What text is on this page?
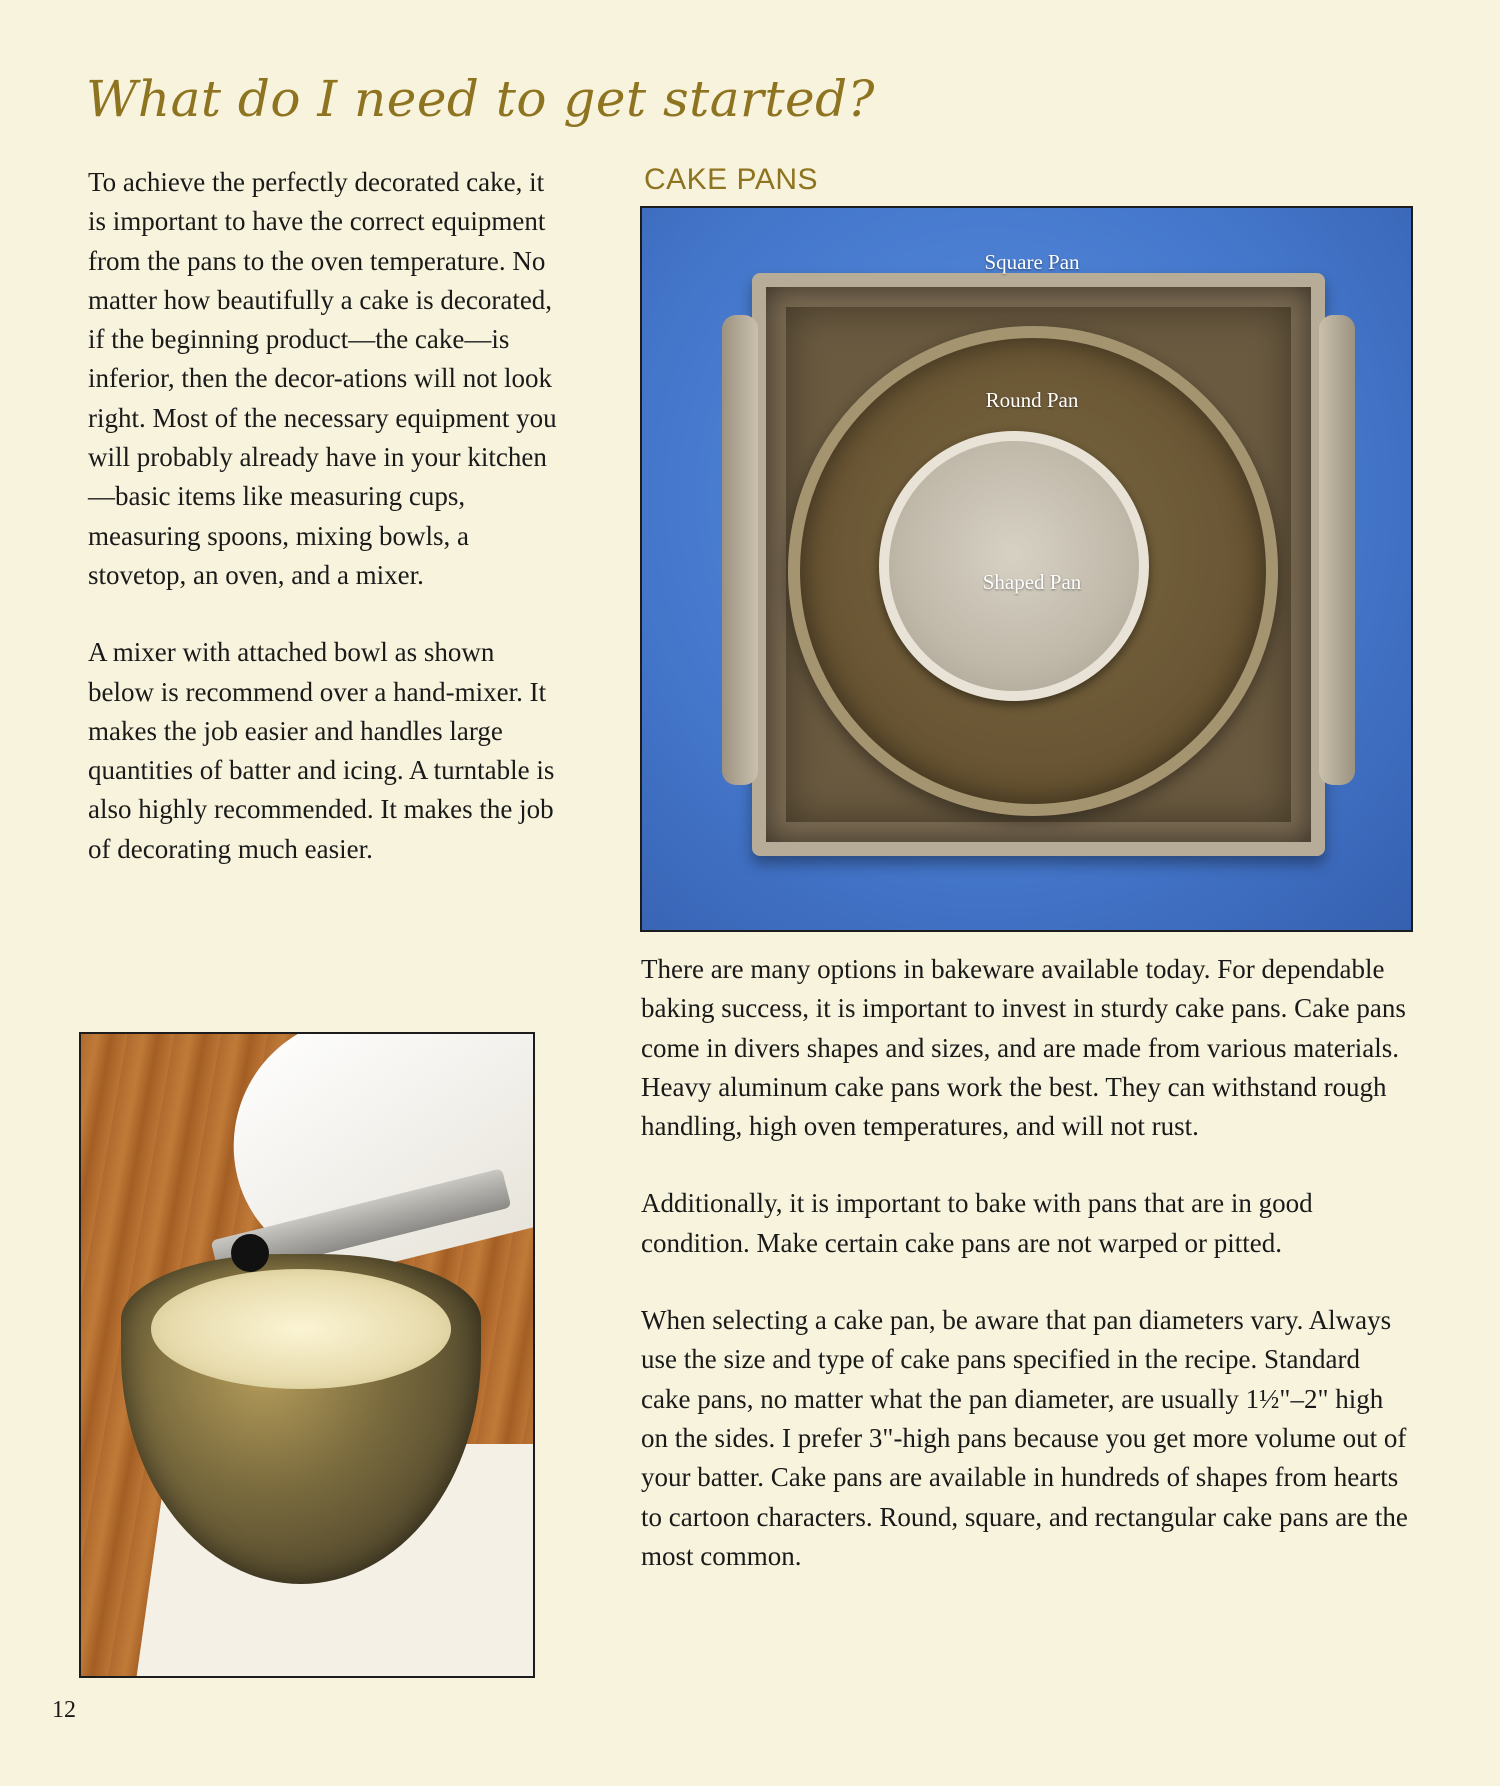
What do I need to get started?

To achieve the perfectly decorated cake, it is important to have the correct equipment from the pans to the oven temperature. No matter how beautifully a cake is decorated, if the beginning product—the cake—is inferior, then the decor-ations will not look right. Most of the necessary equipment you will probably already have in your kitchen—basic items like measuring cups, measuring spoons, mixing bowls, a stovetop, an oven, and a mixer.

A mixer with attached bowl as shown below is recommend over a hand-mixer. It makes the job easier and handles large quantities of batter and icing. A turntable is also highly recommended. It makes the job of decorating much easier.

CAKE PANS
Square Pan
Round Pan
Shaped Pan

There are many options in bakeware available today. For dependable baking success, it is important to invest in sturdy cake pans. Cake pans come in divers shapes and sizes, and are made from various materials. Heavy aluminum cake pans work the best. They can withstand rough handling, high oven temperatures, and will not rust.

Additionally, it is important to bake with pans that are in good condition. Make certain cake pans are not warped or pitted.

When selecting a cake pan, be aware that pan diameters vary. Always use the size and type of cake pans specified in the recipe. Standard cake pans, no matter what the pan diameter, are usually 1½"–2" high on the sides. I prefer 3"-high pans because you get more volume out of your batter. Cake pans are available in hundreds of shapes from hearts to cartoon characters. Round, square, and rectangular cake pans are the most common.

12
